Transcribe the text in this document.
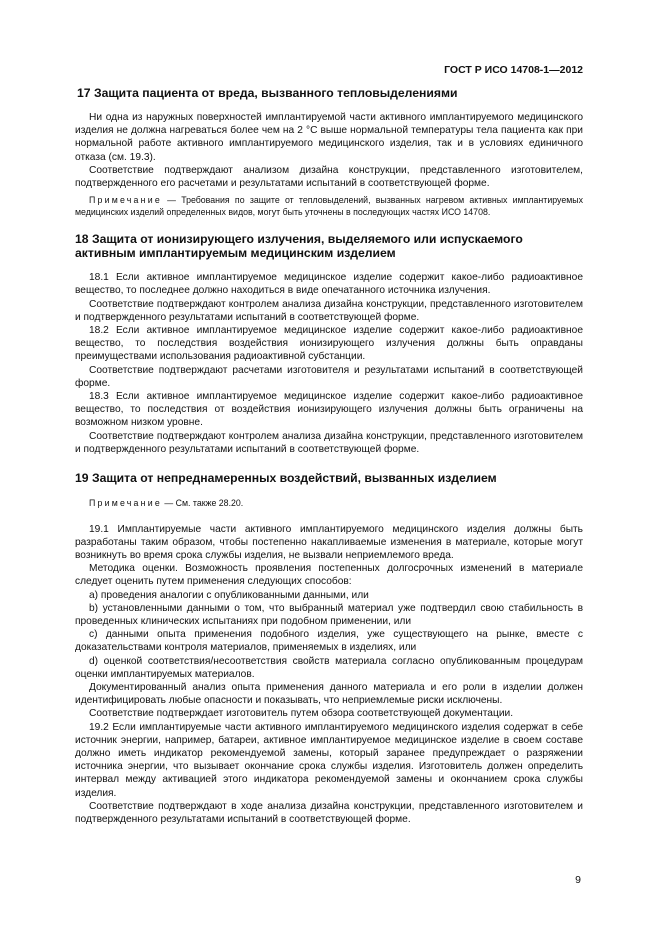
ГОСТ Р ИСО 14708-1—2012
17 Защита пациента от вреда, вызванного тепловыделениями

Ни одна из наружных поверхностей имплантируемой части активного имплантируемого медицинского изделия не должна нагреваться более чем на 2 °С выше нормальной температуры тела пациента как при нормальной работе активного имплантируемого медицинского изделия, так и в условиях единичного отказа (см. 19.3).

Соответствие подтверждают анализом дизайна конструкции, представленного изготовителем, подтвержденного его расчетами и результатами испытаний в соответствующей форме.

Примечание — Требования по защите от тепловыделений, вызванных нагревом активных имплантируемых медицинских изделий определенных видов, могут быть уточнены в последующих частях ИСО 14708.

18 Защита от ионизирующего излучения, выделяемого или испускаемого активным имплантируемым медицинским изделием

18.1 Если активное имплантируемое медицинское изделие содержит какое-либо радиоактивное вещество, то последнее должно находиться в виде опечатанного источника излучения.

Соответствие подтверждают контролем анализа дизайна конструкции, представленного изготовителем и подтвержденного результатами испытаний в соответствующей форме.

18.2 Если активное имплантируемое медицинское изделие содержит какое-либо радиоактивное вещество, то последствия воздействия ионизирующего излучения должны быть оправданы преимуществами использования радиоактивной субстанции.

Соответствие подтверждают расчетами изготовителя и результатами испытаний в соответствующей форме.

18.3 Если активное имплантируемое медицинское изделие содержит какое-либо радиоактивное вещество, то последствия от воздействия ионизирующего излучения должны быть ограничены на возможном низком уровне.

Соответствие подтверждают контролем анализа дизайна конструкции, представленного изготовителем и подтвержденного результатами испытаний в соответствующей форме.

19 Защита от непреднамеренных воздействий, вызванных изделием

Примечание — См. также 28.20.

19.1 Имплантируемые части активного имплантируемого медицинского изделия должны быть разработаны таким образом, чтобы постепенно накапливаемые изменения в материале, которые могут возникнуть во время срока службы изделия, не вызвали неприемлемого вреда.

Методика оценки. Возможность проявления постепенных долгосрочных изменений в материале следует оценить путем применения следующих способов:

а) проведения аналогии с опубликованными данными, или

b) установленными данными о том, что выбранный материал уже подтвердил свою стабильность в проведенных клинических испытаниях при подобном применении, или

c) данными опыта применения подобного изделия, уже существующего на рынке, вместе с доказательствами контроля материалов, применяемых в изделиях, или

d) оценкой соответствия/несоответствия свойств материала согласно опубликованным процедурам оценки имплантируемых материалов.

Документированный анализ опыта применения данного материала и его роли в изделии должен идентифицировать любые опасности и показывать, что неприемлемые риски исключены.

Соответствие подтверждает изготовитель путем обзора соответствующей документации.

19.2 Если имплантируемые части активного имплантируемого медицинского изделия содержат в себе источник энергии, например, батареи, активное имплантируемое медицинское изделие в своем составе должно иметь индикатор рекомендуемой замены, который заранее предупреждает о разряжении источника энергии, что вызывает окончание срока службы изделия. Изготовитель должен определить интервал между активацией этого индикатора рекомендуемой замены и окончанием срока службы изделия.

Соответствие подтверждают в ходе анализа дизайна конструкции, представленного изготовителем и подтвержденного результатами испытаний в соответствующей форме.

9
